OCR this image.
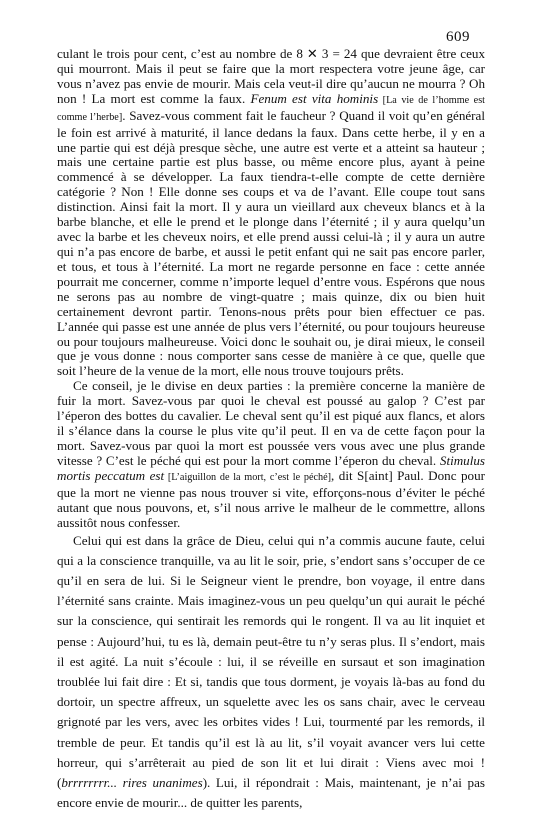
609

culant le trois pour cent, c’est au nombre de 8 ✕ 3 = 24 que devraient être ceux qui mourront. Mais il peut se faire que la mort respectera votre jeune âge, car vous n’avez pas envie de mourir. Mais cela veut-il dire qu’aucun ne mourra ? Oh non ! La mort est comme la faux. Fenum est vita hominis [La vie de l’homme est comme l’herbe]. Savez-vous comment fait le faucheur ? Quand il voit qu’en général le foin est arrivé à maturité, il lance dedans la faux. Dans cette herbe, il y en a une partie qui est déjà presque sèche, une autre est verte et a atteint sa hauteur ; mais une certaine partie est plus basse, ou même encore plus, ayant à peine commencé à se développer. La faux tiendra-t-elle compte de cette dernière catégorie ? Non ! Elle donne ses coups et va de l’avant. Elle coupe tout sans distinction. Ainsi fait la mort. Il y aura un vieillard aux cheveux blancs et à la barbe blanche, et elle le prend et le plonge dans l’éternité ; il y aura quelqu’un avec la barbe et les cheveux noirs, et elle prend aussi celui-là ; il y aura un autre qui n’a pas encore de barbe, et aussi le petit enfant qui ne sait pas encore parler, et tous, et tous à l’éternité. La mort ne regarde personne en face : cette année pourrait me concerner, comme n’importe lequel d’entre vous. Espérons que nous ne serons pas au nombre de vingt-quatre ; mais quinze, dix ou bien huit certainement devront partir. Tenons-nous prêts pour bien effectuer ce pas. L’année qui passe est une année de plus vers l’éternité, ou pour toujours heureuse ou pour toujours malheureuse. Voici donc le souhait ou, je dirai mieux, le conseil que je vous donne : nous comporter sans cesse de manière à ce que, quelle que soit l’heure de la venue de la mort, elle nous trouve toujours prêts.

Ce conseil, je le divise en deux parties : la première concerne la manière de fuir la mort. Savez-vous par quoi le cheval est poussé au galop ? C’est par l’éperon des bottes du cavalier. Le cheval sent qu’il est piqué aux flancs, et alors il s’élance dans la course le plus vite qu’il peut. Il en va de cette façon pour la mort. Savez-vous par quoi la mort est poussée vers vous avec une plus grande vitesse ? C’est le péché qui est pour la mort comme l’éperon du cheval. Stimulus mortis peccatum est [L’aiguillon de la mort, c’est le péché], dit S[aint] Paul. Donc pour que la mort ne vienne pas nous trouver si vite, efforçons-nous d’éviter le péché autant que nous pouvons, et, s’il nous arrive le malheur de le commettre, allons aussitôt nous confesser.

Celui qui est dans la grâce de Dieu, celui qui n’a commis aucune faute, celui qui a la conscience tranquille, va au lit le soir, prie, s’endort sans s’occuper de ce qu’il en sera de lui. Si le Seigneur vient le prendre, bon voyage, il entre dans l’éternité sans crainte. Mais imaginez-vous un peu quelqu’un qui aurait le péché sur la conscience, qui sentirait les remords qui le rongent. Il va au lit inquiet et pense : Aujourd’hui, tu es là, demain peut-être tu n’y seras plus. Il s’endort, mais il est agité. La nuit s’écoule : lui, il se réveille en sursaut et son imagination troublée lui fait dire : Et si, tandis que tous dorment, je voyais là-bas au fond du dortoir, un spectre affreux, un squelette avec les os sans chair, avec le cerveau grignoté par les vers, avec les orbites vides ! Lui, tourmenté par les remords, il tremble de peur. Et tandis qu’il est là au lit, s’il voyait avancer vers lui cette horreur, qui s’arrêterait au pied de son lit et lui dirait : Viens avec moi ! (brrrrrrrr... rires unanimes). Lui, il répondrait : Mais, maintenant, je n’ai pas encore envie de mourir... de quitter les parents,
